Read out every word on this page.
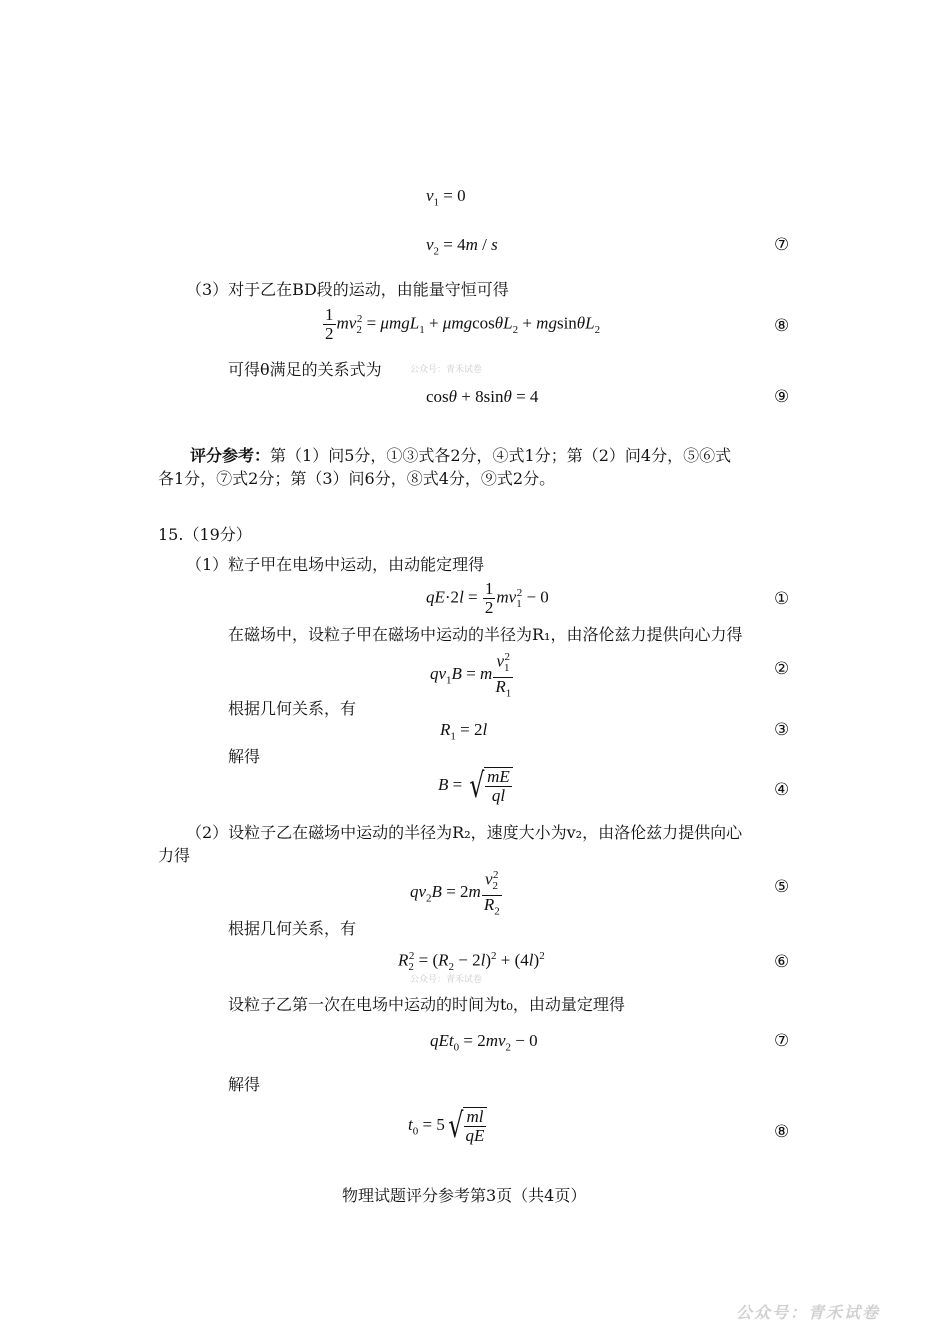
$v_1 = 0$
$v_2 = 4m / s$	⑦
（3）对于乙在BD段的运动，由能量守恒可得
$\frac{1}{2} mv_2^2 = \mu mgL_1 + \mu mgcos\theta L_2 + mgsin\theta L_2$	⑧
可得θ满足的关系式为	公众号：青禾试卷
cosθ + 8sinθ = 4	⑨
评分参考：第（1）问5分，①③式各2分，④式1分；第（2）问4分，⑤⑥式
各1分，⑦式2分；第（3）问6分，⑧式4分，⑨式2分。
15.（19分）
（1）粒子甲在电场中运动，由动能定理得
$qE\cdot 2l = \frac{1}{2} mv_1^2 - 0$	①
在磁场中，设粒子甲在磁场中运动的半径为R₁，由洛伦兹力提供向心力得
$qv_1B = m \frac{v_1^2}{R_1}$	②
根据几何关系，有
$R_1 = 2l$	③
解得
B = √ $\frac{mE}{ql}$	④
（2）设粒子乙在磁场中运动的半径为R₂，速度大小为v₂，由洛伦兹力提供向心
力得
$qv_2B = 2m \frac{v_2^2}{R_2}$	⑤
根据几何关系，有
$R_2^2 = (R_2 - 2l)^2 + (4l)^2$	⑥
公众号：青禾试卷
设粒子乙第一次在电场中运动的时间为t₀，由动量定理得
$qEt_0 = 2mv_2 - 0$	⑦
解得
$t_0 = 5√ \frac{ml}{qE}$	⑧
物理试题评分参考第3页（共4页）
公众号：青禾试卷
